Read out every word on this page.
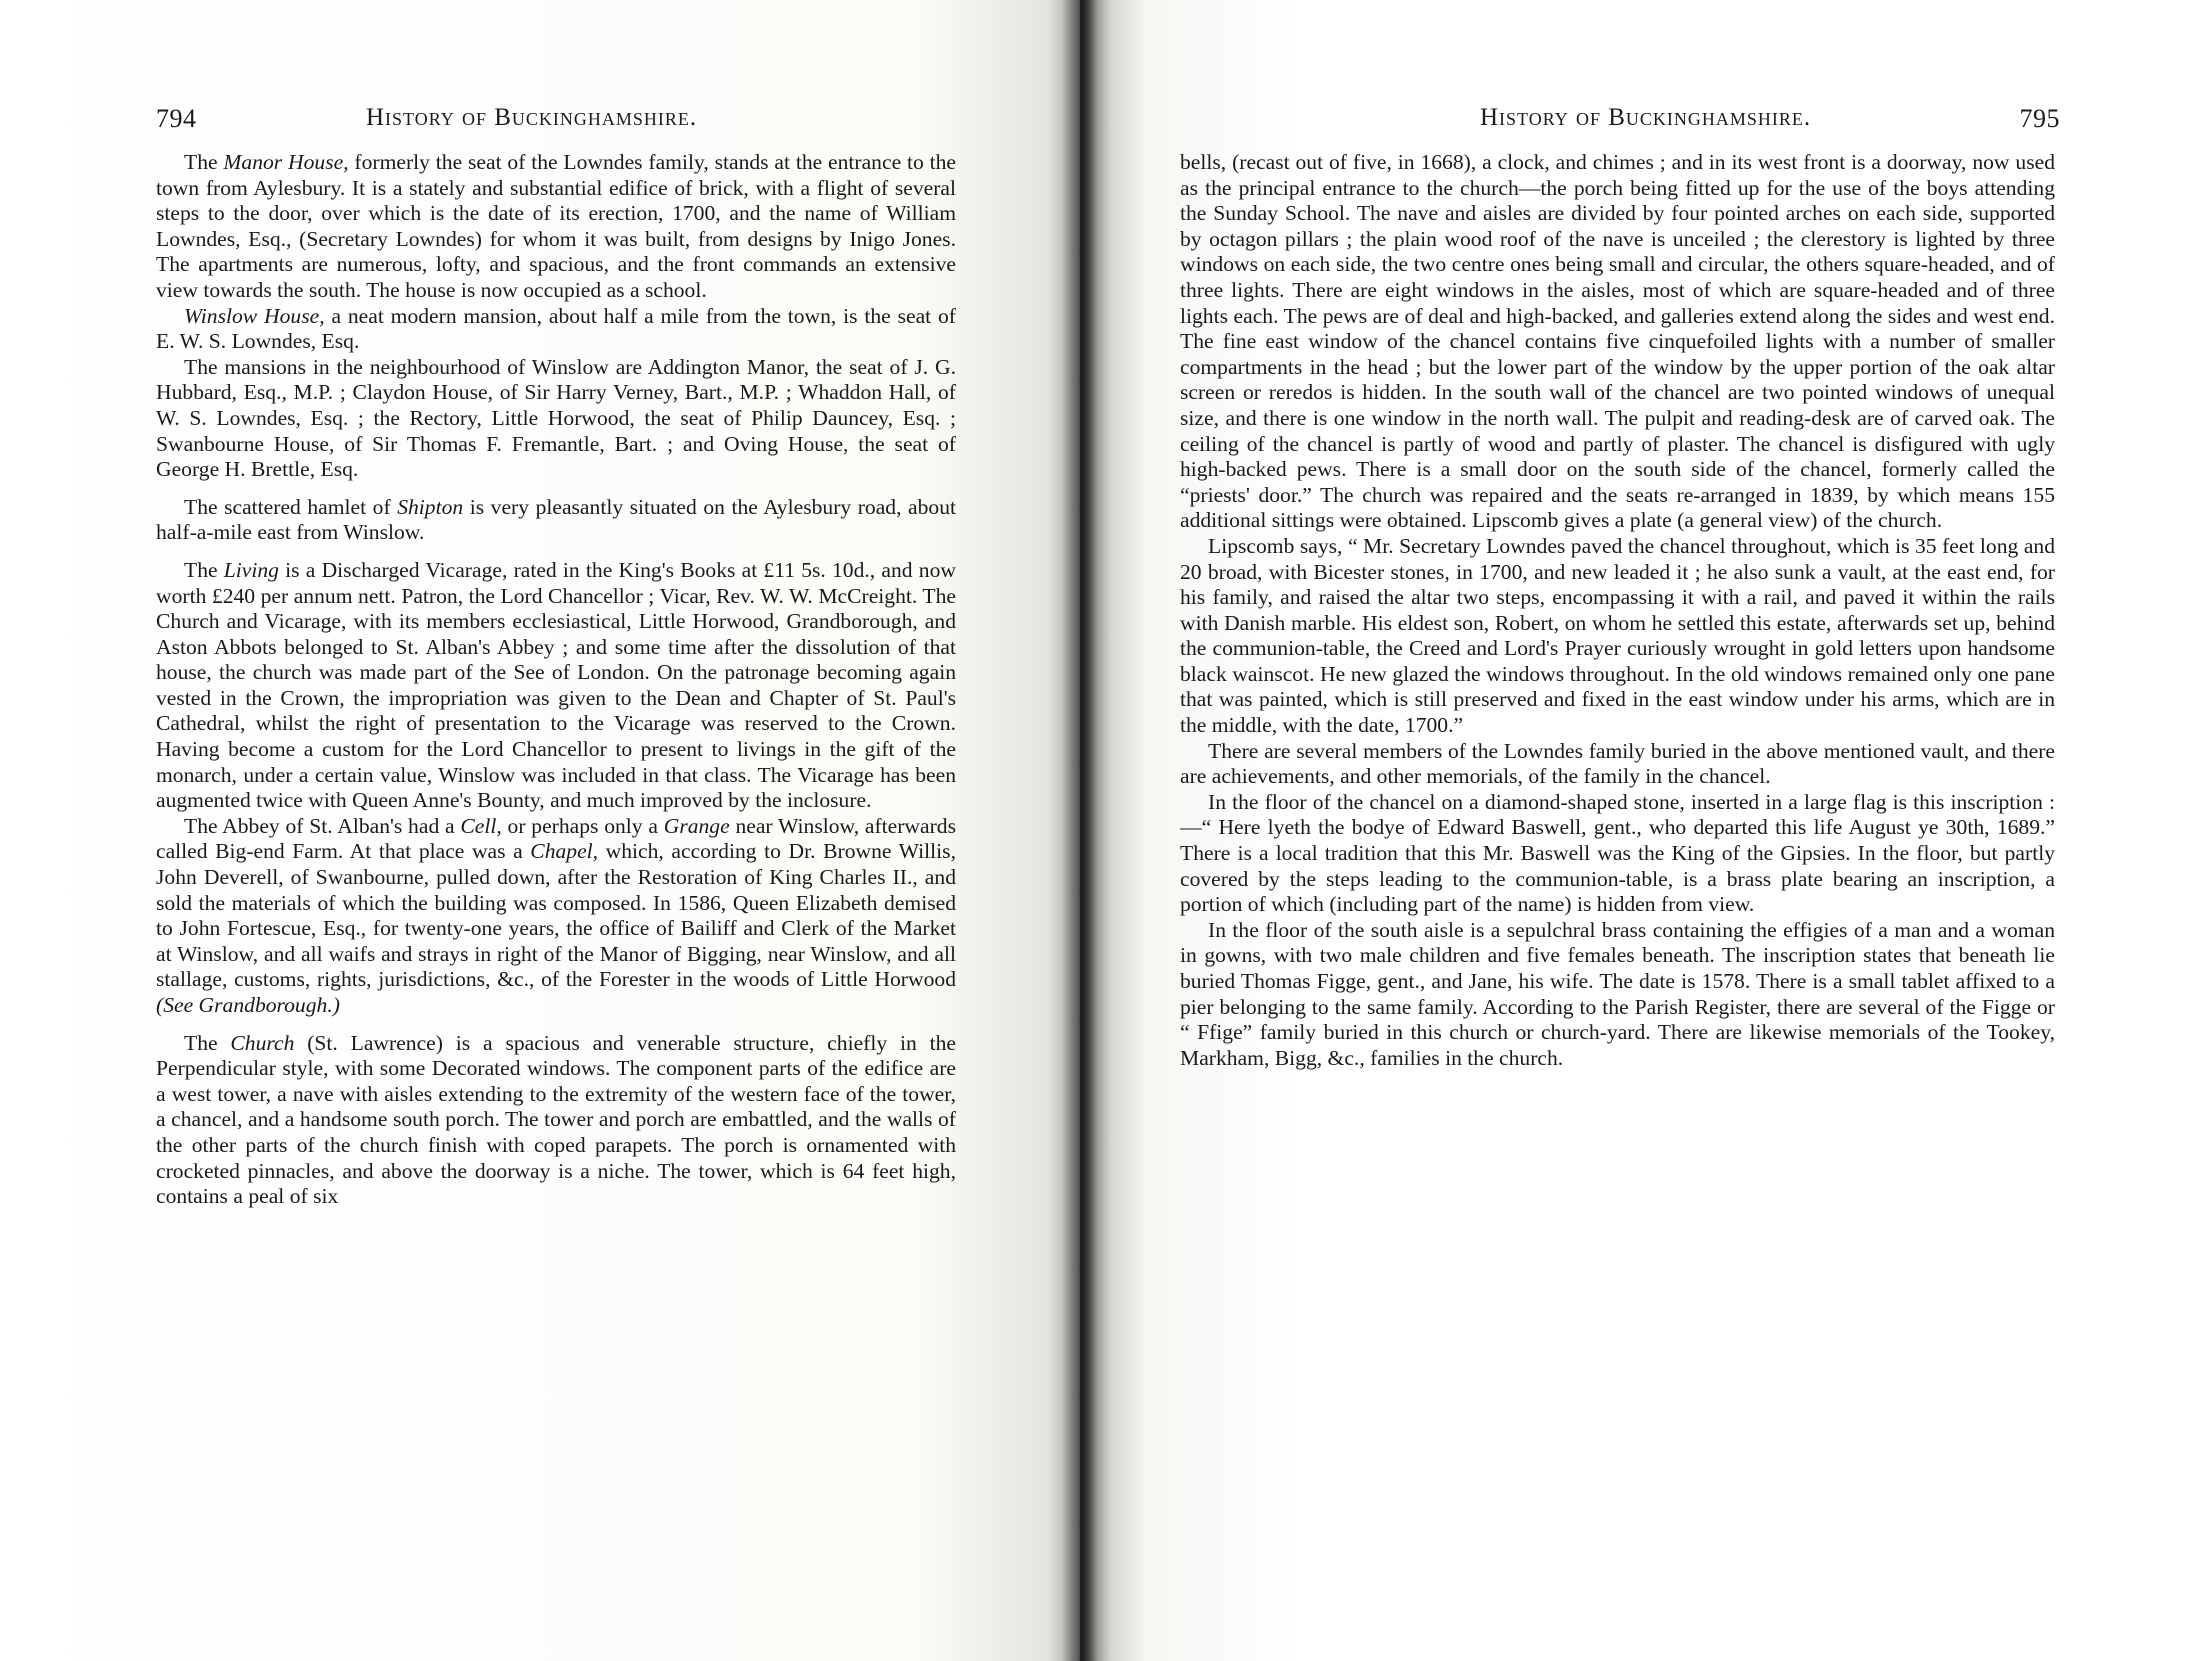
794	History of Buckinghamshire.

The Manor House, formerly the seat of the Lowndes family, stands at the entrance to the town from Aylesbury. It is a stately and substantial edifice of brick, with a flight of several steps to the door, over which is the date of its erection, 1700, and the name of William Lowndes, Esq., (Secretary Lowndes) for whom it was built, from designs by Inigo Jones. The apartments are numerous, lofty, and spacious, and the front commands an extensive view towards the south. The house is now occupied as a school.

Winslow House, a neat modern mansion, about half a mile from the town, is the seat of E. W. S. Lowndes, Esq.

The mansions in the neighbourhood of Winslow are Addington Manor, the seat of J. G. Hubbard, Esq., M.P. ; Claydon House, of Sir Harry Verney, Bart., M.P. ; Whaddon Hall, of W. S. Lowndes, Esq. ; the Rectory, Little Horwood, the seat of Philip Dauncey, Esq. ; Swanbourne House, of Sir Thomas F. Fremantle, Bart. ; and Oving House, the seat of George H. Brettle, Esq.

The scattered hamlet of Shipton is very pleasantly situated on the Aylesbury road, about half-a-mile east from Winslow.

The Living is a Discharged Vicarage, rated in the King's Books at £11 5s. 10d., and now worth £240 per annum nett. Patron, the Lord Chancellor ; Vicar, Rev. W. W. McCreight. The Church and Vicarage, with its members ecclesiastical, Little Horwood, Grandborough, and Aston Abbots belonged to St. Alban's Abbey ; and some time after the dissolution of that house, the church was made part of the See of London. On the patronage becoming again vested in the Crown, the impropriation was given to the Dean and Chapter of St. Paul's Cathedral, whilst the right of presentation to the Vicarage was reserved to the Crown. Having become a custom for the Lord Chancellor to present to livings in the gift of the monarch, under a certain value, Winslow was included in that class. The Vicarage has been augmented twice with Queen Anne's Bounty, and much improved by the inclosure.

The Abbey of St. Alban's had a Cell, or perhaps only a Grange near Winslow, afterwards called Big-end Farm. At that place was a Chapel, which, according to Dr. Browne Willis, John Deverell, of Swanbourne, pulled down, after the Restoration of King Charles II., and sold the materials of which the building was composed. In 1586, Queen Elizabeth demised to John Fortescue, Esq., for twenty-one years, the office of Bailiff and Clerk of the Market at Winslow, and all waifs and strays in right of the Manor of Bigging, near Winslow, and all stallage, customs, rights, jurisdictions, &c., of the Forester in the woods of Little Horwood (See Grandborough.)

The Church (St. Lawrence) is a spacious and venerable structure, chiefly in the Perpendicular style, with some Decorated windows. The component parts of the edifice are a west tower, a nave with aisles extending to the extremity of the western face of the tower, a chancel, and a handsome south porch. The tower and porch are embattled, and the walls of the other parts of the church finish with coped parapets. The porch is ornamented with crocketed pinnacles, and above the doorway is a niche. The tower, which is 64 feet high, contains a peal of six

History of Buckinghamshire.	795

bells, (recast out of five, in 1668), a clock, and chimes ; and in its west front is a doorway, now used as the principal entrance to the church—the porch being fitted up for the use of the boys attending the Sunday School. The nave and aisles are divided by four pointed arches on each side, supported by octagon pillars ; the plain wood roof of the nave is unceiled ; the clerestory is lighted by three windows on each side, the two centre ones being small and circular, the others square-headed, and of three lights. There are eight windows in the aisles, most of which are square-headed and of three lights each. The pews are of deal and high-backed, and galleries extend along the sides and west end. The fine east window of the chancel contains five cinquefoiled lights with a number of smaller compartments in the head ; but the lower part of the window by the upper portion of the oak altar screen or reredos is hidden. In the south wall of the chancel are two pointed windows of unequal size, and there is one window in the north wall. The pulpit and reading-desk are of carved oak. The ceiling of the chancel is partly of wood and partly of plaster. The chancel is disfigured with ugly high-backed pews. There is a small door on the south side of the chancel, formerly called the “priests' door.” The church was repaired and the seats re-arranged in 1839, by which means 155 additional sittings were obtained. Lipscomb gives a plate (a general view) of the church.

Lipscomb says, “ Mr. Secretary Lowndes paved the chancel throughout, which is 35 feet long and 20 broad, with Bicester stones, in 1700, and new leaded it ; he also sunk a vault, at the east end, for his family, and raised the altar two steps, encompassing it with a rail, and paved it within the rails with Danish marble. His eldest son, Robert, on whom he settled this estate, afterwards set up, behind the communion-table, the Creed and Lord's Prayer curiously wrought in gold letters upon handsome black wainscot. He new glazed the windows throughout. In the old windows remained only one pane that was painted, which is still preserved and fixed in the east window under his arms, which are in the middle, with the date, 1700.”

There are several members of the Lowndes family buried in the above mentioned vault, and there are achievements, and other memorials, of the family in the chancel.

In the floor of the chancel on a diamond-shaped stone, inserted in a large flag is this inscription :—“ Here lyeth the bodye of Edward Baswell, gent., who departed this life August ye 30th, 1689.” There is a local tradition that this Mr. Baswell was the King of the Gipsies. In the floor, but partly covered by the steps leading to the communion-table, is a brass plate bearing an inscription, a portion of which (including part of the name) is hidden from view.

In the floor of the south aisle is a sepulchral brass containing the effigies of a man and a woman in gowns, with two male children and five females beneath. The inscription states that beneath lie buried Thomas Figge, gent., and Jane, his wife. The date is 1578. There is a small tablet affixed to a pier belonging to the same family. According to the Parish Register, there are several of the Figge or “ Ffige” family buried in this church or church-yard. There are likewise memorials of the Tookey, Markham, Bigg, &c., families in the church.
